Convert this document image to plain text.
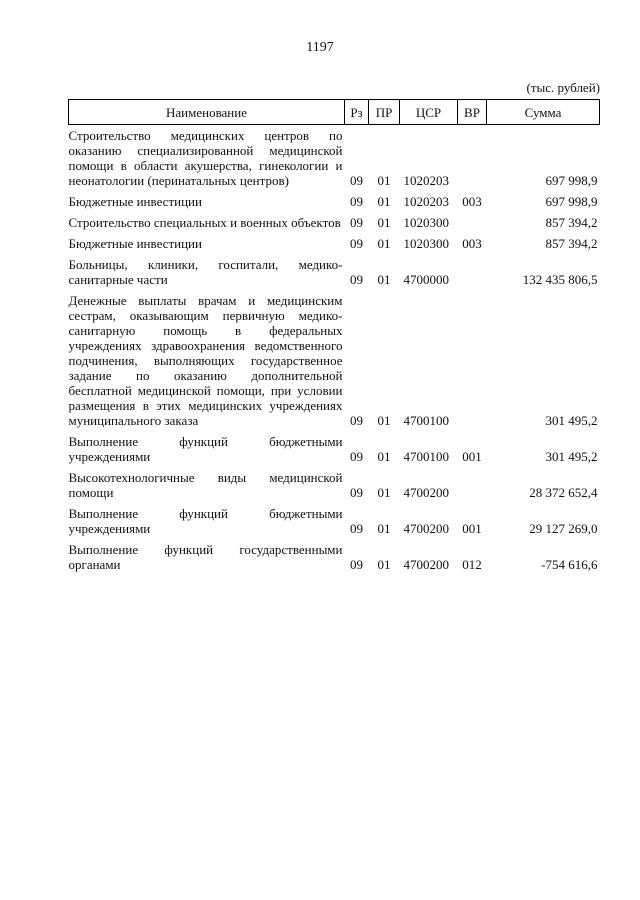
1197
(тыс. рублей)
Наименование	Рз	ПР	ЦСР	ВР	Сумма
Строительство медицинских центров по оказанию специализированной медицинской помощи в области акушерства, гинекологии и неонатологии (перинатальных центров)	09	01	1020203		697 998,9
Бюджетные инвестиции	09	01	1020203	003	697 998,9
Строительство специальных и военных объектов	09	01	1020300		857 394,2
Бюджетные инвестиции	09	01	1020300	003	857 394,2
Больницы, клиники, госпитали, медико-санитарные части	09	01	4700000		132 435 806,5
Денежные выплаты врачам и медицинским сестрам, оказывающим первичную медико-санитарную помощь в федеральных учреждениях здравоохранения ведомственного подчинения, выполняющих государственное задание по оказанию дополнительной бесплатной медицинской помощи, при условии размещения в этих медицинских учреждениях муниципального заказа	09	01	4700100		301 495,2
Выполнение функций бюджетными учреждениями	09	01	4700100	001	301 495,2
Высокотехнологичные виды медицинской помощи	09	01	4700200		28 372 652,4
Выполнение функций бюджетными учреждениями	09	01	4700200	001	29 127 269,0
Выполнение функций государственными органами	09	01	4700200	012	-754 616,6
